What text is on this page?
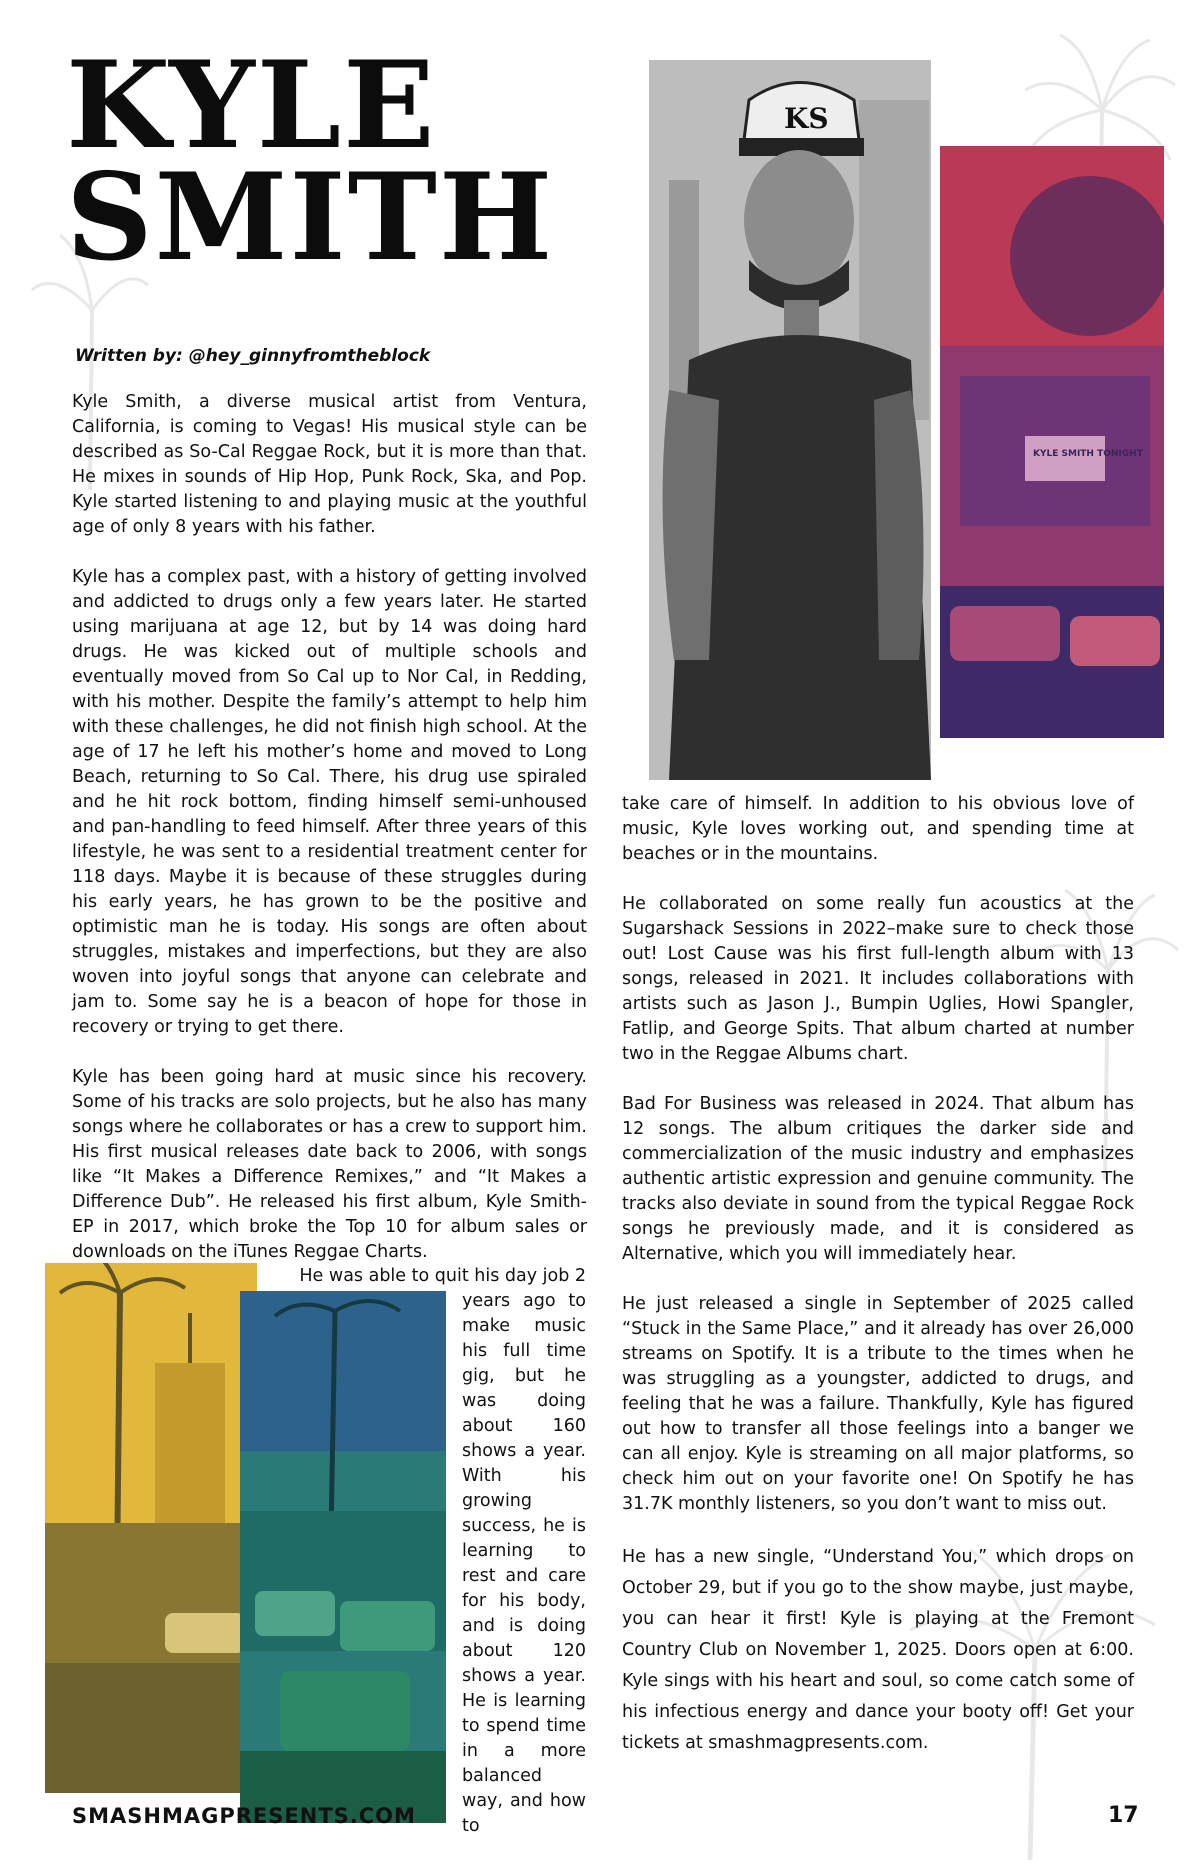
KYLE
SMITH
Written by: @hey_ginnyfromtheblock
KS
KYLE SMITH TONIGHT

Kyle Smith, a diverse musical artist from Ventura, California, is coming to Vegas! His musical style can be described as So-Cal Reggae Rock, but it is more than that. He mixes in sounds of Hip Hop, Punk Rock, Ska, and Pop. Kyle started listening to and playing music at the youthful age of only 8 years with his father.

Kyle has a complex past, with a history of getting involved and addicted to drugs only a few years later. He started using marijuana at age 12, but by 14 was doing hard drugs. He was kicked out of multiple schools and eventually moved from So Cal up to Nor Cal, in Redding, with his mother. Despite the family’s attempt to help him with these challenges, he did not finish high school. At the age of 17 he left his mother’s home and moved to Long Beach, returning to So Cal. There, his drug use spiraled and he hit rock bottom, finding himself semi-unhoused and pan-handling to feed himself. After three years of this lifestyle, he was sent to a residential treatment center for 118 days. Maybe it is because of these struggles during his early years, he has grown to be the positive and optimistic man he is today. His songs are often about struggles, mistakes and imperfections, but they are also woven into joyful songs that anyone can celebrate and jam to. Some say he is a beacon of hope for those in recovery or trying to get there.

Kyle has been going hard at music since his recovery. Some of his tracks are solo projects, but he also has many songs where he collaborates or has a crew to support him. His first musical releases date back to 2006, with songs like “It Makes a Difference Remixes,” and “It Makes a Difference Dub”. He released his first album, Kyle Smith-EP in 2017, which broke the Top 10 for album sales or downloads on the iTunes Reggae Charts.

He was able to quit his day job 2
years ago to make music his full time gig, but he was doing about 160 shows a year. With his growing success, he is learning to rest and care for his body, and is doing about 120 shows a year. He is learning to spend time in a more balanced way, and how to

take care of himself. In addition to his obvious love of music, Kyle loves working out, and spending time at beaches or in the mountains.

He collaborated on some really fun acoustics at the Sugarshack Sessions in 2022–make sure to check those out! Lost Cause was his first full-length album with 13 songs, released in 2021. It includes collaborations with artists such as Jason J., Bumpin Uglies, Howi Spangler, Fatlip, and George Spits. That album charted at number two in the Reggae Albums chart.

Bad For Business was released in 2024. That album has 12 songs. The album critiques the darker side and commercialization of the music industry and emphasizes authentic artistic expression and genuine community. The tracks also deviate in sound from the typical Reggae Rock songs he previously made, and it is considered as Alternative, which you will immediately hear.

He just released a single in September of 2025 called “Stuck in the Same Place,” and it already has over 26,000 streams on Spotify. It is a tribute to the times when he was struggling as a youngster, addicted to drugs, and feeling that he was a failure. Thankfully, Kyle has figured out how to transfer all those feelings into a banger we can all enjoy. Kyle is streaming on all major platforms, so check him out on your favorite one! On Spotify he has 31.7K monthly listeners, so you don’t want to miss out.

He has a new single, “Understand You,” which drops on October 29, but if you go to the show maybe, just maybe, you can hear it first! Kyle is playing at the Fremont Country Club on November 1, 2025. Doors open at 6:00. Kyle sings with his heart and soul, so come catch some of his infectious energy and dance your booty off! Get your tickets at smashmagpresents.com.

SMASHMAGPRESENTS.COM	17
